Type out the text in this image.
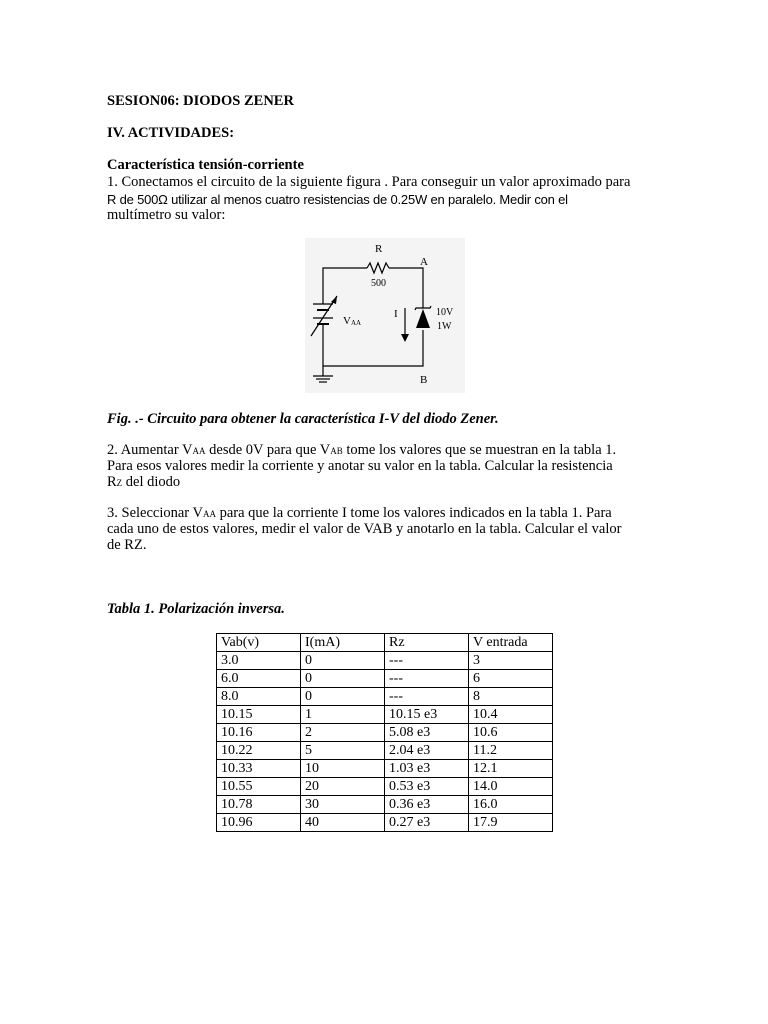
SESION06: DIODOS ZENER
IV. ACTIVIDADES:
Característica tensión-corriente
1. Conectamos el circuito de la siguiente figura . Para conseguir un valor aproximado para
R de 500Ω utilizar al menos cuatro resistencias de 0.25W en paralelo. Medir con el
multímetro su valor:
R
500
A
B
VAA
I	10V
1W
Fig. .- Circuito para obtener la característica I-V del diodo Zener.
2. Aumentar VAA desde 0V para que VAB tome los valores que se muestran en la tabla 1.
Para esos valores medir la corriente y anotar su valor en la tabla. Calcular la resistencia
RZ del diodo
3. Seleccionar VAA para que la corriente I tome los valores indicados en la tabla 1. Para
cada uno de estos valores, medir el valor de VAB y anotarlo en la tabla. Calcular el valor
de RZ.
Tabla 1. Polarización inversa.
Vab(v)	I(mA)	Rz	V entrada
3.0	0	---	3
6.0	0	---	6
8.0	0	---	8
10.15	1	10.15 e3	10.4
10.16	2	5.08 e3	10.6
10.22	5	2.04 e3	11.2
10.33	10	1.03 e3	12.1
10.55	20	0.53 e3	14.0
10.78	30	0.36 e3	16.0
10.96	40	0.27 e3	17.9
